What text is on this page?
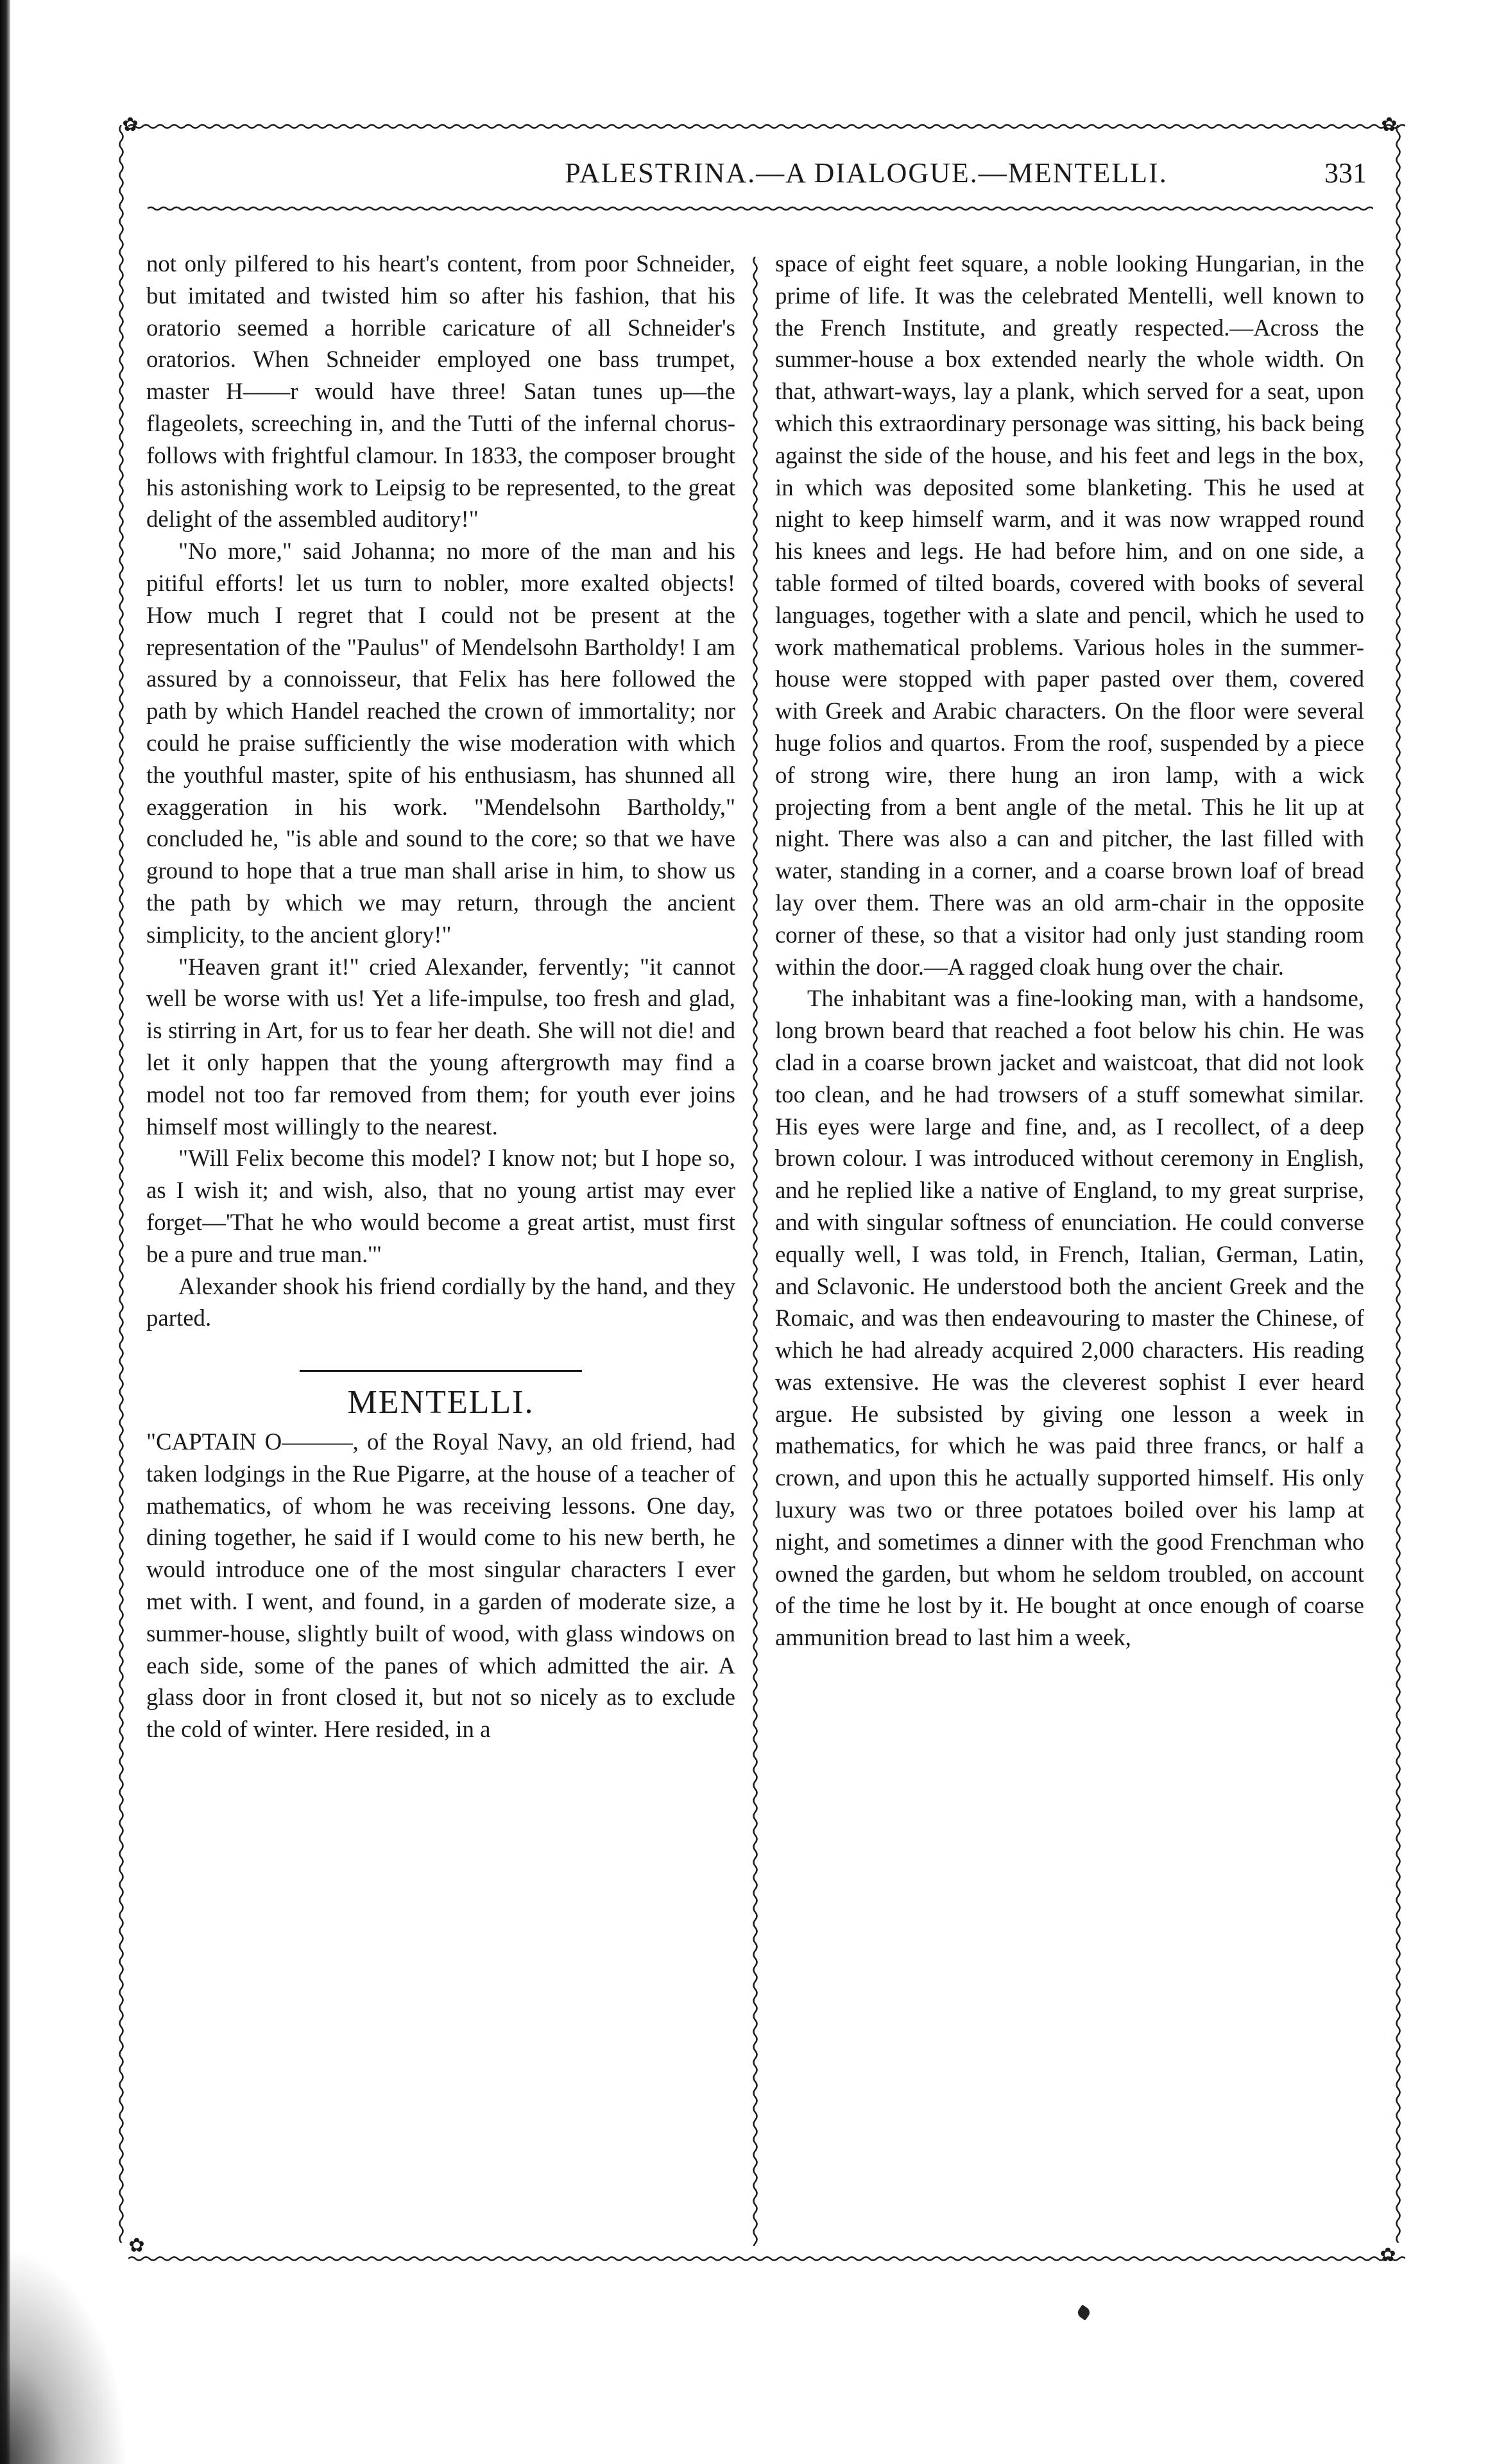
✿	✿
✿	✿
PALESTRINA.—A DIALOGUE.—MENTELLI.	331

not only pilfered to his heart's content, from poor Schneider, but imitated and twisted him so after his fashion, that his oratorio seemed a horrible caricature of all Schneider's oratorios. When Schneider employed one bass trumpet, master H——r would have three! Satan tunes up—the flageolets, screeching in, and the Tutti of the infernal chorus-follows with frightful clamour. In 1833, the composer brought his astonishing work to Leipsig to be represented, to the great delight of the assembled auditory!"

"No more," said Johanna; no more of the man and his pitiful efforts! let us turn to nobler, more exalted objects! How much I regret that I could not be present at the representation of the "Paulus" of Mendelsohn Bartholdy! I am assured by a connoisseur, that Felix has here followed the path by which Handel reached the crown of immortality; nor could he praise sufficiently the wise moderation with which the youthful master, spite of his enthusiasm, has shunned all exaggeration in his work. "Mendelsohn Bartholdy," concluded he, "is able and sound to the core; so that we have ground to hope that a true man shall arise in him, to show us the path by which we may return, through the ancient simplicity, to the ancient glory!"

"Heaven grant it!" cried Alexander, fervently; "it cannot well be worse with us! Yet a life-impulse, too fresh and glad, is stirring in Art, for us to fear her death. She will not die! and let it only happen that the young aftergrowth may find a model not too far removed from them; for youth ever joins himself most willingly to the nearest.

"Will Felix become this model? I know not; but I hope so, as I wish it; and wish, also, that no young artist may ever forget—'That he who would become a great artist, must first be a pure and true man.'"

Alexander shook his friend cordially by the hand, and they parted.

MENTELLI.

"CAPTAIN O———, of the Royal Navy, an old friend, had taken lodgings in the Rue Pigarre, at the house of a teacher of mathematics, of whom he was receiving lessons. One day, dining together, he said if I would come to his new berth, he would introduce one of the most singular characters I ever met with. I went, and found, in a garden of moderate size, a summer-house, slightly built of wood, with glass windows on each side, some of the panes of which admitted the air. A glass door in front closed it, but not so nicely as to exclude the cold of winter. Here resided, in a

space of eight feet square, a noble looking Hungarian, in the prime of life. It was the celebrated Mentelli, well known to the French Institute, and greatly respected.—Across the summer-house a box extended nearly the whole width. On that, athwart-ways, lay a plank, which served for a seat, upon which this extraordinary personage was sitting, his back being against the side of the house, and his feet and legs in the box, in which was deposited some blanketing. This he used at night to keep himself warm, and it was now wrapped round his knees and legs. He had before him, and on one side, a table formed of tilted boards, covered with books of several languages, together with a slate and pencil, which he used to work mathematical problems. Various holes in the summer-house were stopped with paper pasted over them, covered with Greek and Arabic characters. On the floor were several huge folios and quartos. From the roof, suspended by a piece of strong wire, there hung an iron lamp, with a wick projecting from a bent angle of the metal. This he lit up at night. There was also a can and pitcher, the last filled with water, standing in a corner, and a coarse brown loaf of bread lay over them. There was an old arm-chair in the opposite corner of these, so that a visitor had only just standing room within the door.—A ragged cloak hung over the chair.

The inhabitant was a fine-looking man, with a handsome, long brown beard that reached a foot below his chin. He was clad in a coarse brown jacket and waistcoat, that did not look too clean, and he had trowsers of a stuff somewhat similar. His eyes were large and fine, and, as I recollect, of a deep brown colour. I was introduced without ceremony in English, and he replied like a native of England, to my great surprise, and with singular softness of enunciation. He could converse equally well, I was told, in French, Italian, German, Latin, and Sclavonic. He understood both the ancient Greek and the Romaic, and was then endeavouring to master the Chinese, of which he had already acquired 2,000 characters. His reading was extensive. He was the cleverest sophist I ever heard argue. He subsisted by giving one lesson a week in mathematics, for which he was paid three francs, or half a crown, and upon this he actually supported himself. His only luxury was two or three potatoes boiled over his lamp at night, and sometimes a dinner with the good Frenchman who owned the garden, but whom he seldom troubled, on account of the time he lost by it. He bought at once enough of coarse ammunition bread to last him a week,
